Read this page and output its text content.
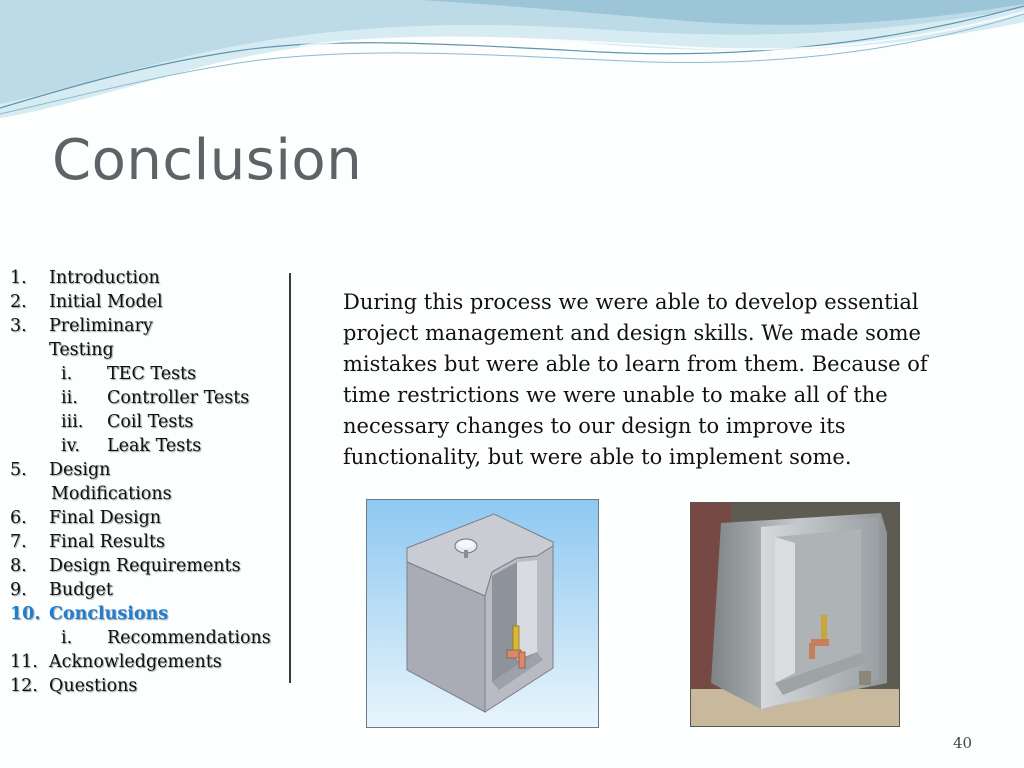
Conclusion
1. Introduction
2. Initial Model
3. Preliminary
Testing
i. TEC Tests
ii. Controller Tests
iii. Coil Tests
iv. Leak Tests
5. Design
Modifications
6. Final Design
7. Final Results
8. Design Requirements
9. Budget
10. Conclusions
i. Recommendations
11. Acknowledgements
12. Questions

During this process we were able to develop essential project management and design skills. We made some mistakes but were able to learn from them. Because of time restrictions we were unable to make all of the necessary changes to our design to improve its functionality, but were able to implement some.

40
